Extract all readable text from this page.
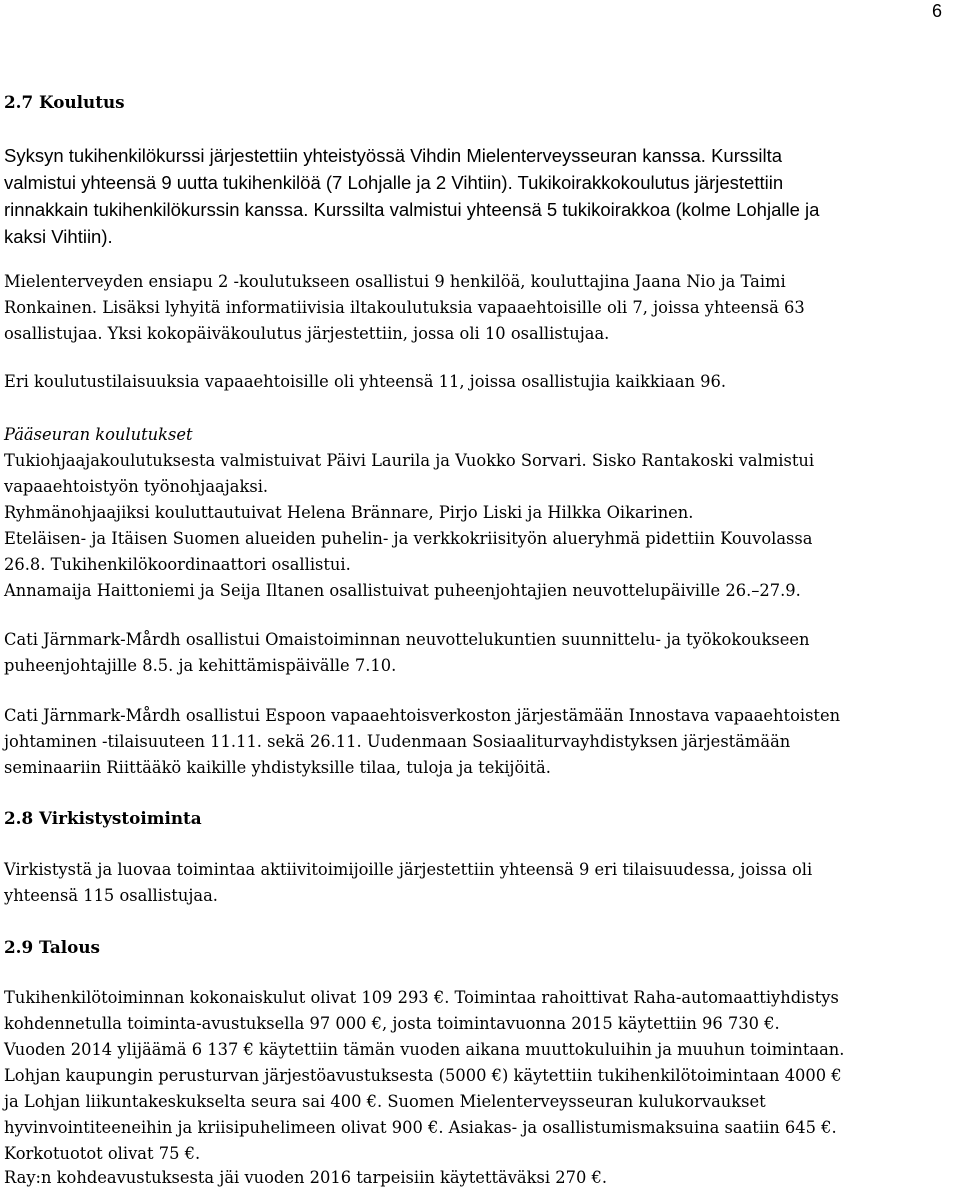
6
2.7 Koulutus
Syksyn tukihenkilökurssi järjestettiin yhteistyössä Vihdin Mielenterveysseuran kanssa. Kurssilta
valmistui yhteensä 9 uutta tukihenkilöä (7 Lohjalle ja 2 Vihtiin). Tukikoirakkokoulutus järjestettiin
rinnakkain tukihenkilökurssin kanssa. Kurssilta valmistui yhteensä 5 tukikoirakkoa (kolme Lohjalle ja
kaksi Vihtiin).
Mielenterveyden ensiapu 2 -koulutukseen osallistui 9 henkilöä, kouluttajina Jaana Nio ja Taimi
Ronkainen. Lisäksi lyhyitä informatiivisia iltakoulutuksia vapaaehtoisille oli 7, joissa yhteensä 63
osallistujaa. Yksi kokopäiväkoulutus järjestettiin, jossa oli 10 osallistujaa.
Eri koulutustilaisuuksia vapaaehtoisille oli yhteensä 11, joissa osallistujia kaikkiaan 96.
Pääseuran koulutukset
Tukiohjaajakoulutuksesta valmistuivat Päivi Laurila ja Vuokko Sorvari. Sisko Rantakoski valmistui
vapaaehtoistyön työnohjaajaksi.
Ryhmänohjaajiksi kouluttautuivat Helena Brännare, Pirjo Liski ja Hilkka Oikarinen.
Eteläisen- ja Itäisen Suomen alueiden puhelin- ja verkkokriisityön alueryhmä pidettiin Kouvolassa
26.8. Tukihenkilökoordinaattori osallistui.
Annamaija Haittoniemi ja Seija Iltanen osallistuivat puheenjohtajien neuvottelupäiville 26.–27.9.
Cati Järnmark-Mårdh osallistui Omaistoiminnan neuvottelukuntien suunnittelu- ja työkokoukseen
puheenjohtajille 8.5. ja kehittämispäivälle 7.10.
Cati Järnmark-Mårdh osallistui Espoon vapaaehtoisverkoston järjestämään Innostava vapaaehtoisten
johtaminen -tilaisuuteen 11.11. sekä 26.11. Uudenmaan Sosiaaliturvayhdistyksen järjestämään
seminaariin Riittääkö kaikille yhdistyksille tilaa, tuloja ja tekijöitä.
2.8 Virkistystoiminta
Virkistystä ja luovaa toimintaa aktiivitoimijoille järjestettiin yhteensä 9 eri tilaisuudessa, joissa oli
yhteensä 115 osallistujaa.
2.9 Talous
Tukihenkilötoiminnan kokonaiskulut olivat 109 293 €. Toimintaa rahoittivat Raha-automaattiyhdistys
kohdennetulla toiminta-avustuksella 97 000 €, josta toimintavuonna 2015 käytettiin 96 730 €.
Vuoden 2014 ylijäämä 6 137 € käytettiin tämän vuoden aikana muuttokuluihin ja muuhun toimintaan.
Lohjan kaupungin perusturvan järjestöavustuksesta (5000 €) käytettiin tukihenkilötoimintaan 4000 €
ja Lohjan liikuntakeskukselta seura sai 400 €. Suomen Mielenterveysseuran kulukorvaukset
hyvinvointiteeneihin ja kriisipuhelimeen olivat 900 €. Asiakas- ja osallistumismaksuina saatiin 645 €.
Korkotuotot olivat 75 €.
Ray:n kohdeavustuksesta jäi vuoden 2016 tarpeisiin käytettäväksi 270 €.
